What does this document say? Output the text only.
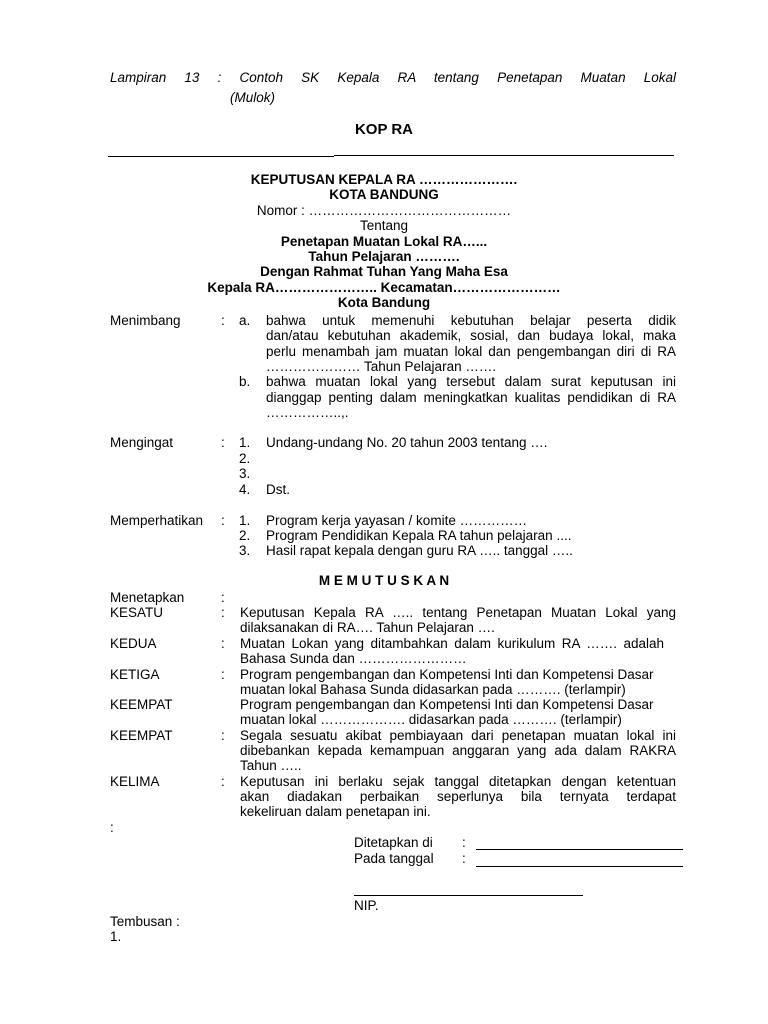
Lampiran 13 : Contoh SK Kepala RA tentang Penetapan Muatan Lokal
(Mulok)
KOP RA
KEPUTUSAN KEPALA RA ………………….
KOTA BANDUNG
Nomor : ………………………………………
Tentang
Penetapan Muatan Lokal RA…...
Tahun Pelajaran ……….
Dengan Rahmat Tuhan Yang Maha Esa
Kepala RA………………….. Kecamatan……………………
Kota Bandung
Menimbang	: a. bahwa untuk memenuhi kebutuhan belajar peserta didik
dan/atau kebutuhan akademik, sosial, dan budaya lokal, maka
perlu menambah jam muatan lokal dan pengembangan diri di RA
………………… Tahun Pelajaran …….
b. bahwa muatan lokal yang tersebut dalam surat keputusan ini
dianggap penting dalam meningkatkan kualitas pendidikan di RA
……………..,.
Mengingat	: 1. Undang-undang No. 20 tahun 2003 tentang ….
2.
3.
4. Dst.
Memperhatikan : 1. Program kerja yayasan / komite ……………
2. Program Pendidikan Kepala RA tahun pelajaran ....
3. Hasil rapat kepala dengan guru RA ….. tanggal …..
M E M U T U S K A N
Menetapkan	:
KESATU	: Keputusan Kepala RA ….. tentang Penetapan Muatan Lokal yang
dilaksanakan di RA…. Tahun Pelajaran ….
KEDUA	: Muatan Lokan yang ditambahkan dalam kurikulum RA ……. adalah
Bahasa Sunda dan ……………………
KETIGA	: Program pengembangan dan Kompetensi Inti dan Kompetensi Dasar
muatan lokal Bahasa Sunda didasarkan pada ………. (terlampir)
KEEMPAT	Program pengembangan dan Kompetensi Inti dan Kompetensi Dasar
muatan lokal ………………. didasarkan pada ………. (terlampir)
KEEMPAT	: Segala sesuatu akibat pembiayaan dari penetapan muatan lokal ini
dibebankan kepada kemampuan anggaran yang ada dalam RAKRA
Tahun …..
KELIMA	: Keputusan ini berlaku sejak tanggal ditetapkan dengan ketentuan
akan diadakan perbaikan seperlunya bila ternyata terdapat
kekeliruan dalam penetapan ini.
:
Ditetapkan di :
Pada tanggal :
NIP.
Tembusan :
1.
